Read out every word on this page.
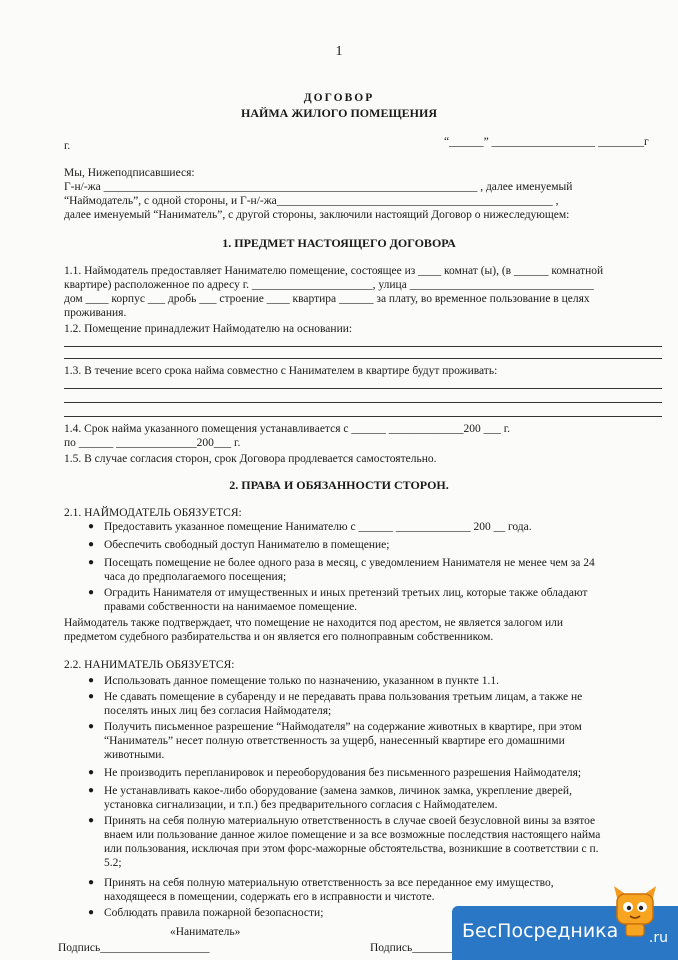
1
ДОГОВОР
НАЙМА ЖИЛОГО ПОМЕЩЕНИЯ
г.	“______” __________________ ________г
Мы, Нижеподписавшиеся:
Г-н/-жа _________________________________________________________________ , далее именуемый
“Наймодатель”, с одной стороны, и Г-н/-жа________________________________________________ ,
далее именуемый “Наниматель”, с другой стороны, заключили настоящий Договор о нижеследующем:
1. ПРЕДМЕТ НАСТОЯЩЕГО ДОГОВОРА
1.1. Наймодатель предоставляет Нанимателю помещение, состоящее из ____ комнат (ы), (в ______ комнатной
квартире) расположенное по адресу г. _____________________, улица ________________________________
дом ____ корпус ___ дробь ___ строение ____ квартира ______ за плату, во временное пользование в целях
проживания.
1.2. Помещение принадлежит Наймодателю на основании:
1.3. В течение всего срока найма совместно с Нанимателем в квартире будут проживать:
1.4. Срок найма указанного помещения устанавливается с ______ _____________200 ___ г.
по ______ ______________200___ г.
1.5. В случае согласия сторон, срок Договора продлевается самостоятельно.
2. ПРАВА И ОБЯЗАННОСТИ СТОРОН.
2.1. НАЙМОДАТЕЛЬ ОБЯЗУЕТСЯ:
● Предоставить указанное помещение Нанимателю с ______ _____________ 200 __ года.
● Обеспечить свободный доступ Нанимателю в помещение;
● Посещать помещение не более одного раза в месяц, с уведомлением Нанимателя не менее чем за 24
часа до предполагаемого посещения;
● Оградить Нанимателя от имущественных и иных претензий третьих лиц, которые также обладают
правами собственности на нанимаемое помещение.
Наймодатель также подтверждает, что помещение не находится под арестом, не является залогом или
предметом судебного разбирательства и он является его полноправным собственником.
2.2. НАНИМАТЕЛЬ ОБЯЗУЕТСЯ:
● Использовать данное помещение только по назначению, указанном в пункте 1.1.
● Не сдавать помещение в субаренду и не передавать права пользования третьим лицам, а также не
поселять иных лиц без согласия Наймодателя;
● Получить письменное разрешение “Наймодателя” на содержание животных в квартире, при этом
“Наниматель” несет полную ответственность за ущерб, нанесенный квартире его домашними
животными.
● Не производить перепланировок и переоборудования без письменного разрешения Наймодателя;
● Не устанавливать какое-либо оборудование (замена замков, личинок замка, укрепление дверей,
установка сигнализации, и т.п.) без предварительного согласия с Наймодателем.
● Принять на себя полную материальную ответственность в случае своей безусловной вины за взятое
внаем или пользование данное жилое помещение и за все возможные последствия настоящего найма
или пользования, исключая при этом форс-мажорные обстоятельства, возникшие в соответствии с п.
5.2;
● Принять на себя полную материальную ответственность за все переданное ему имущество,
находящееся в помещении, содержать его в исправности и чистоте.
● Соблюдать правила пожарной безопасности;
«Наниматель»
Подпись___________________	Подпись_______
БесПосредника .ru
